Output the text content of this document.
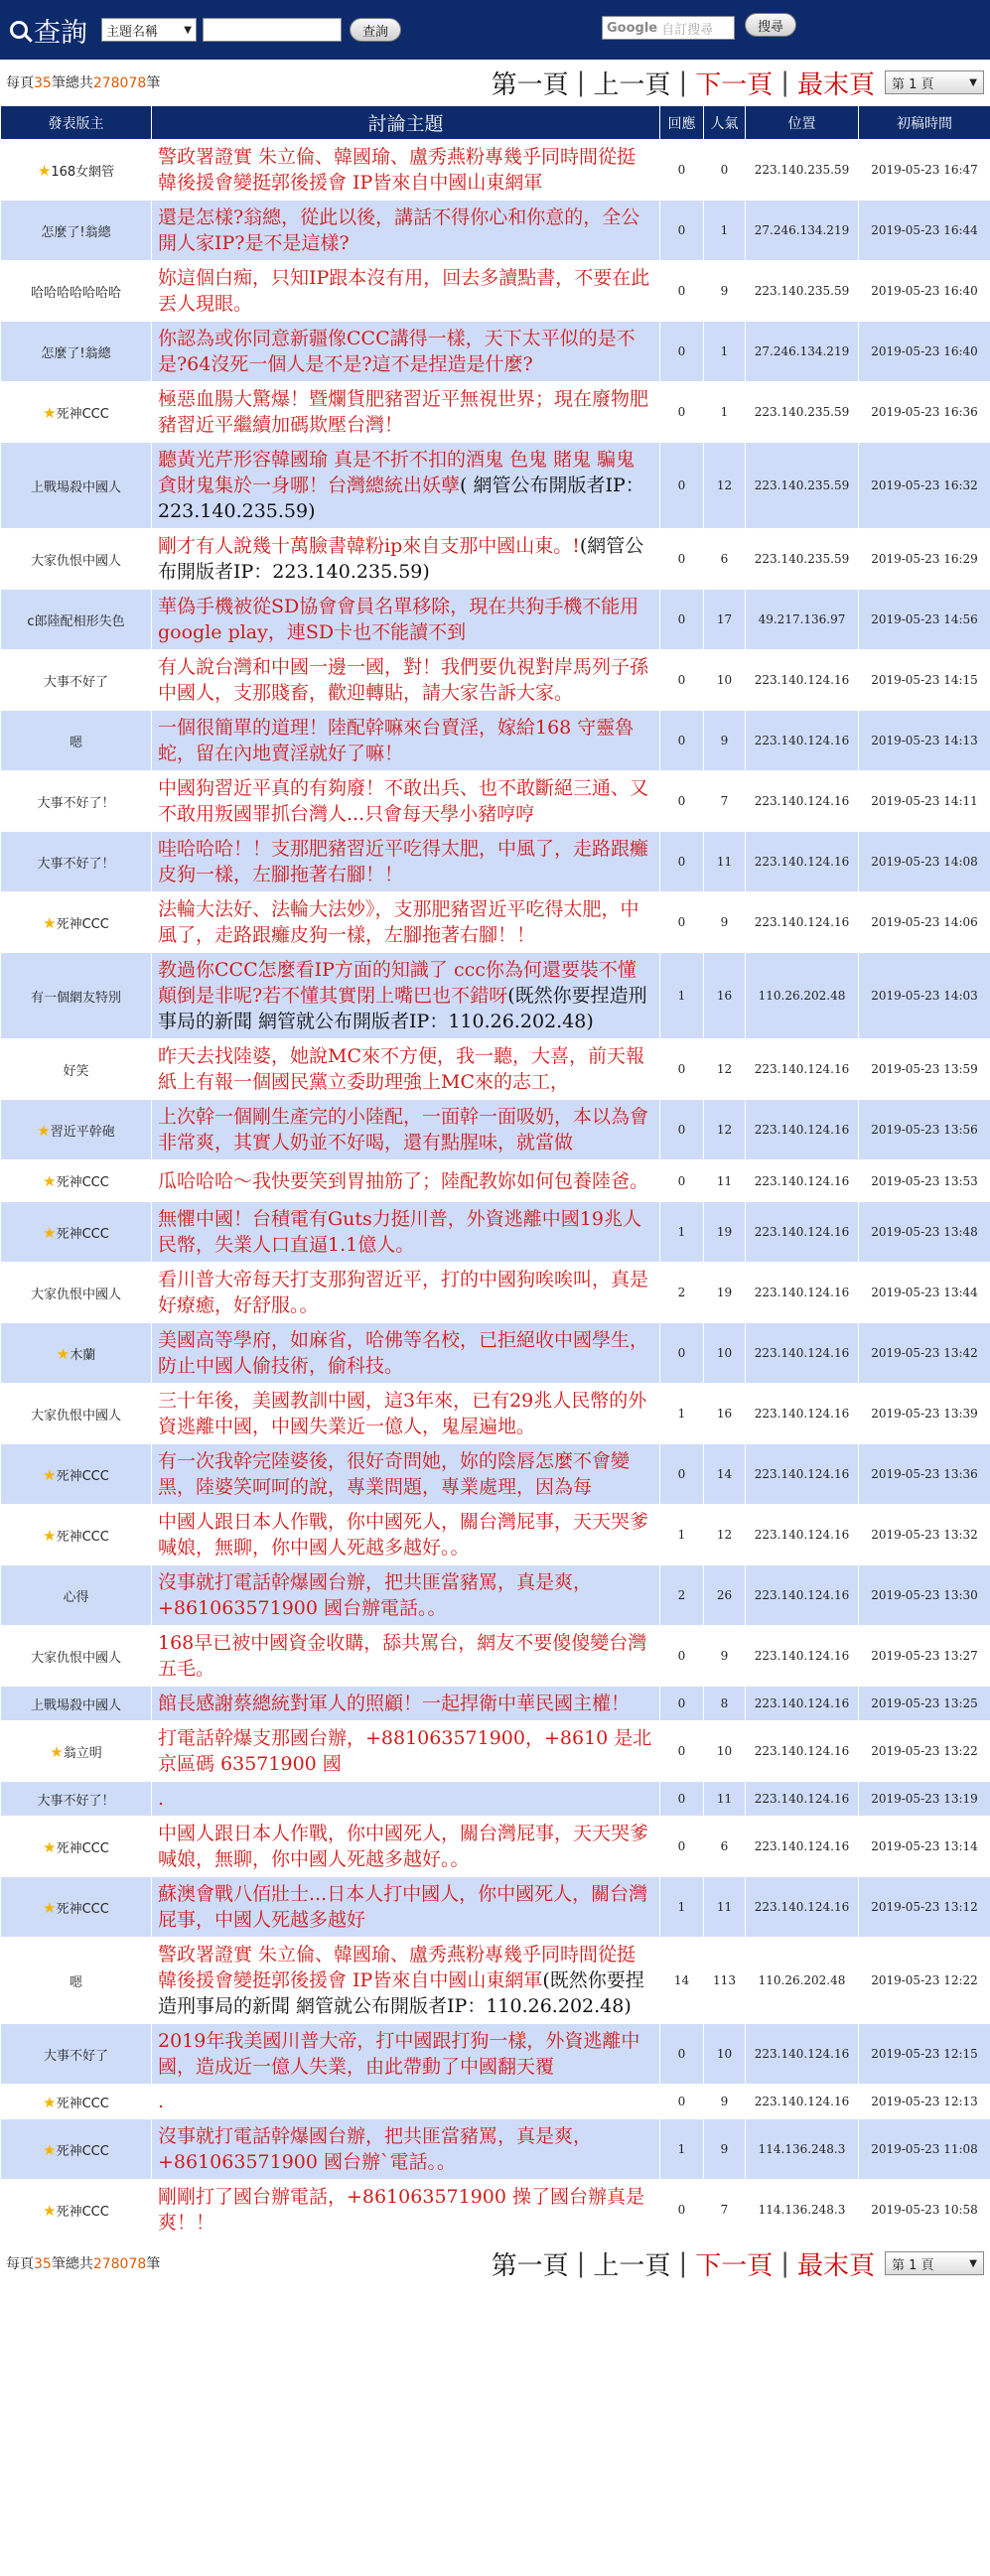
查詢 主題名稱	▼	查詢	Google 自訂搜尋	搜尋
每頁35筆總共278078筆	第一頁 | 上一頁 | 下一頁 | 最末頁 第 1 頁	▼
發表版主	討論主題	回應	人氣	位置	初稿時間
★168女網管	警政署證實 朱立倫、韓國瑜、盧秀燕粉專幾乎同時間從挺韓後援會變挺郭後援會 IP皆來自中國山東網軍	0	0	223.140.235.59	2019-05-23 16:47
怎麼了!翁總	還是怎樣?翁總，從此以後，講話不得你心和你意的，全公開人家IP?是不是這樣?	0	1	27.246.134.219	2019-05-23 16:44
哈哈哈哈哈哈哈	妳這個白痴，只知IP跟本沒有用，回去多讀點書，不要在此丟人現眼。	0	9	223.140.235.59	2019-05-23 16:40
怎麼了!翁總	你認為或你同意新疆像CCC講得一樣，天下太平似的是不是?64沒死一個人是不是?這不是捏造是什麼?	0	1	27.246.134.219	2019-05-23 16:40
★死神CCC	極惡血腸大驚爆！暨爛貨肥豬習近平無視世界；現在廢物肥豬習近平繼續加碼欺壓台灣！	0	1	223.140.235.59	2019-05-23 16:36
上戰場殺中國人	聽黃光芹形容韓國瑜 真是不折不扣的酒鬼 色鬼 賭鬼 騙鬼 貪財鬼集於一身哪！台灣總統出妖孽( 網管公布開版者IP：223.140.235.59)	0	12	223.140.235.59	2019-05-23 16:32
大家仇恨中國人	剛才有人說幾十萬臉書韓粉ip來自支那中國山東。!(網管公布開版者IP：223.140.235.59)	0	6	223.140.235.59	2019-05-23 16:29
c郎陸配相形失色	華偽手機被從SD協會會員名單移除，現在共狗手機不能用google play，連SD卡也不能讀不到	0	17	49.217.136.97	2019-05-23 14:56
大事不好了	有人說台灣和中國一邊一國，對！我們要仇視對岸馬列子孫中國人，支那賤畜，歡迎轉貼，請大家告訴大家。	0	10	223.140.124.16	2019-05-23 14:15
嗯	一個很簡單的道理！陸配幹嘛來台賣淫，嫁給168 守靈魯蛇，留在內地賣淫就好了嘛！	0	9	223.140.124.16	2019-05-23 14:13
大事不好了！	中國狗習近平真的有夠廢！不敢出兵、也不敢斷絕三通、又不敢用叛國罪抓台灣人...只會每天學小豬哼哼	0	7	223.140.124.16	2019-05-23 14:11
大事不好了！	哇哈哈哈！！支那肥豬習近平吃得太肥，中風了，走路跟癱皮狗一樣，左腳拖著右腳！！	0	11	223.140.124.16	2019-05-23 14:08
★死神CCC	法輪大法好、法輪大法妙》，支那肥豬習近平吃得太肥，中風了，走路跟癱皮狗一樣，左腳拖著右腳！！	0	9	223.140.124.16	2019-05-23 14:06
有一個網友特別	教過你CCC怎麼看IP方面的知識了 ccc你為何還要裝不懂顛倒是非呢?若不懂其實閉上嘴巴也不錯呀(既然你要捏造刑事局的新聞 網管就公布開版者IP：110.26.202.48)	1	16	110.26.202.48	2019-05-23 14:03
好笑	昨天去找陸婆，她說MC來不方便，我一聽，大喜，前天報紙上有報一個國民黨立委助理強上MC來的志工，	0	12	223.140.124.16	2019-05-23 13:59
★習近平幹砲	上次幹一個剛生產完的小陸配，一面幹一面吸奶，本以為會非常爽，其實人奶並不好喝，還有點腥味，就當做	0	12	223.140.124.16	2019-05-23 13:56
★死神CCC	瓜哈哈哈～我快要笑到胃抽筋了；陸配教妳如何包養陸爸。	0	11	223.140.124.16	2019-05-23 13:53
★死神CCC	無懼中國！台積電有Guts力挺川普，外資逃離中國19兆人民幣，失業人口直逼1.1億人。	1	19	223.140.124.16	2019-05-23 13:48
大家仇恨中國人	看川普大帝每天打支那狗習近平，打的中國狗唉唉叫，真是好療癒，好舒服。。	2	19	223.140.124.16	2019-05-23 13:44
★木蘭	美國高等學府，如麻省，哈佛等名校，已拒絕收中國學生，防止中國人偷技術，偷科技。	0	10	223.140.124.16	2019-05-23 13:42
大家仇恨中國人	三十年後，美國教訓中國，這3年來，已有29兆人民幣的外資逃離中國，中國失業近一億人，鬼屋遍地。	1	16	223.140.124.16	2019-05-23 13:39
★死神CCC	有一次我幹完陸婆後，很好奇問她，妳的陰唇怎麼不會變黑，陸婆笑呵呵的說，專業問題，專業處理，因為每	0	14	223.140.124.16	2019-05-23 13:36
★死神CCC	中國人跟日本人作戰，你中國死人，關台灣屁事，天天哭爹喊娘，無聊，你中國人死越多越好。。	1	12	223.140.124.16	2019-05-23 13:32
心得	沒事就打電話幹爆國台辦，把共匪當豬罵，真是爽，+861063571900 國台辦電話。。	2	26	223.140.124.16	2019-05-23 13:30
大家仇恨中國人	168早已被中國資金收購，舔共罵台，網友不要傻傻變台灣五毛。	0	9	223.140.124.16	2019-05-23 13:27
上戰場殺中國人	館長感謝蔡總統對軍人的照顧！一起捍衛中華民國主權！	0	8	223.140.124.16	2019-05-23 13:25
★翁立明	打電話幹爆支那國台辦，+881063571900，+8610 是北京區碼 63571900 國	0	10	223.140.124.16	2019-05-23 13:22
大事不好了！	.	0	11	223.140.124.16	2019-05-23 13:19
★死神CCC	中國人跟日本人作戰，你中國死人，關台灣屁事，天天哭爹喊娘，無聊，你中國人死越多越好。。	0	6	223.140.124.16	2019-05-23 13:14
★死神CCC	蘇澳會戰八佰壯士...日本人打中國人，你中國死人，關台灣屁事，中國人死越多越好	1	11	223.140.124.16	2019-05-23 13:12
嗯	警政署證實 朱立倫、韓國瑜、盧秀燕粉專幾乎同時間從挺韓後援會變挺郭後援會 IP皆來自中國山東網軍(既然你要捏造刑事局的新聞 網管就公布開版者IP：110.26.202.48)	14	113	110.26.202.48	2019-05-23 12:22
大事不好了	2019年我美國川普大帝，打中國跟打狗一樣，外資逃離中國，造成近一億人失業，由此帶動了中國翻天覆	0	10	223.140.124.16	2019-05-23 12:15
★死神CCC	.	0	9	223.140.124.16	2019-05-23 12:13
★死神CCC	沒事就打電話幹爆國台辦，把共匪當豬罵，真是爽，+861063571900 國台辦`電話。。	1	9	114.136.248.3	2019-05-23 11:08
★死神CCC	剛剛打了國台辦電話，+861063571900 操了國台辦真是爽！！	0	7	114.136.248.3	2019-05-23 10:58
每頁35筆總共278078筆	第一頁 | 上一頁 | 下一頁 | 最末頁 第 1 頁	▼
